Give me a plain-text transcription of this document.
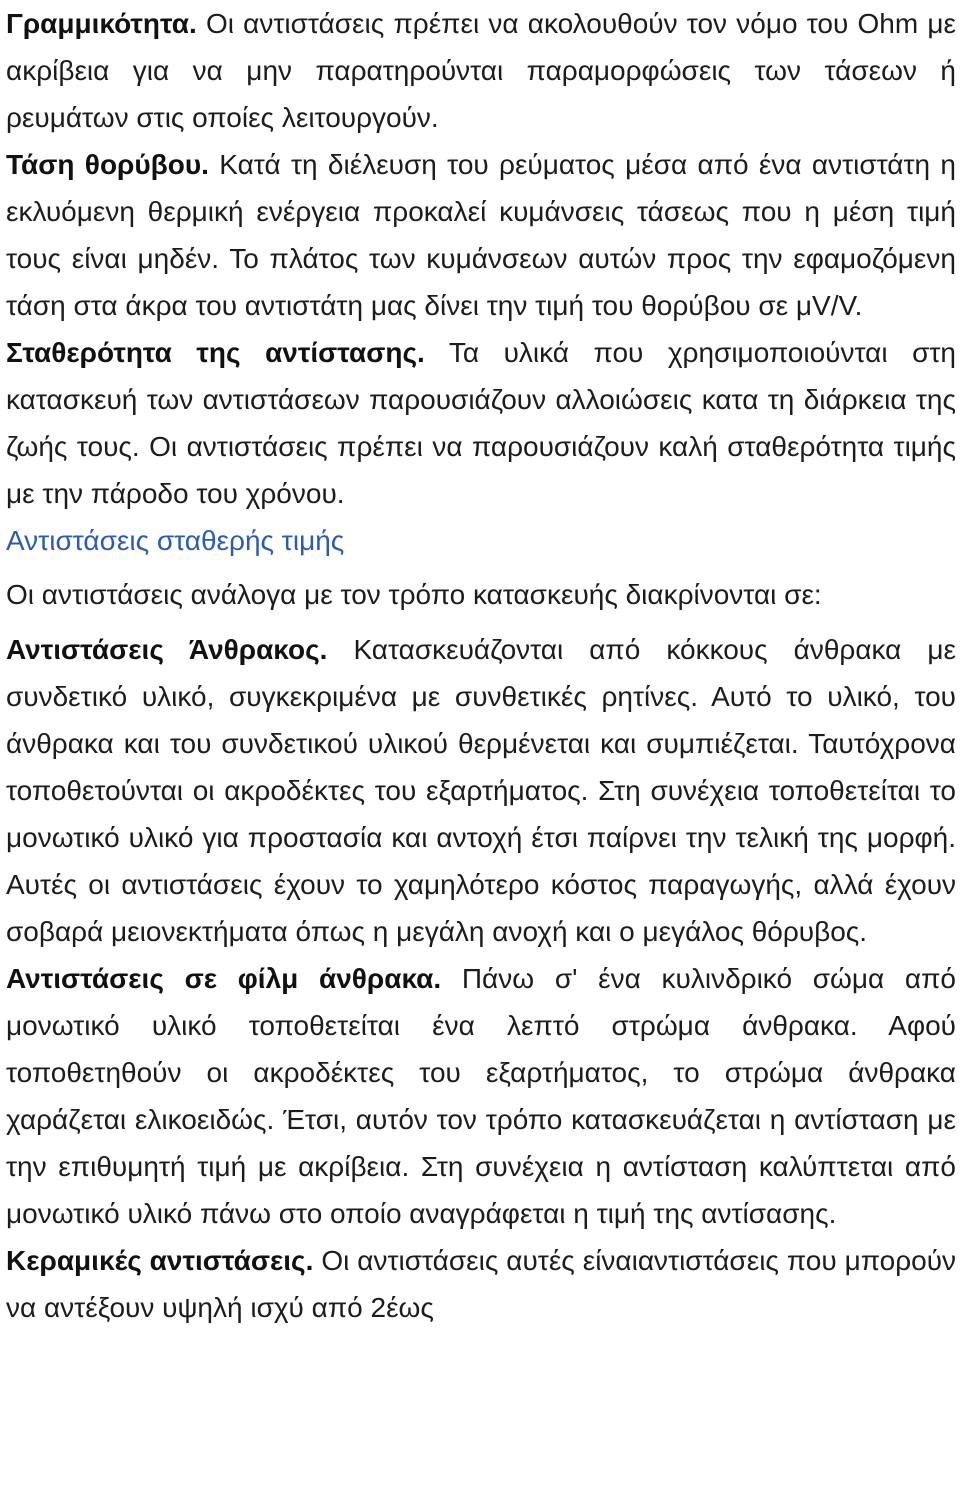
Γραμμικότητα. Οι αντιστάσεις πρέπει να ακολουθούν τον νόμο του Ohm με ακρίβεια για να μην παρατηρούνται παραμορφώσεις των τάσεων ή ρευμάτων στις οποίες λειτουργούν.

Τάση θορύβου. Κατά τη διέλευση του ρεύματος μέσα από ένα αντιστάτη η εκλυόμενη θερμική ενέργεια προκαλεί κυμάνσεις τάσεως που η μέση τιμή τους είναι μηδέν. Το πλάτος των κυμάνσεων αυτών προς την εφαμοζόμενη τάση στα άκρα του αντιστάτη μας δίνει την τιμή του θορύβου σε μV/V.

Σταθερότητα της αντίστασης. Τα υλικά που χρησιμοποιούνται στη κατασκευή των αντιστάσεων παρουσιάζουν αλλοιώσεις κατα τη διάρκεια της ζωής τους. Οι αντιστάσεις πρέπει να παρουσιάζουν καλή σταθερότητα τιμής με την πάροδο του χρόνου.

Αντιστάσεις σταθερής τιμής

Οι αντιστάσεις ανάλογα με τον τρόπο κατασκευής διακρίνονται σε:

Αντιστάσεις Άνθρακος. Κατασκευάζονται από κόκκους άνθρακα με συνδετικό υλικό, συγκεκριμένα με συνθετικές ρητίνες. Αυτό το υλικό, του άνθρακα και του συνδετικού υλικού θερμένεται και συμπιέζεται. Ταυτόχρονα τοποθετούνται οι ακροδέκτες του εξαρτήματος. Στη συνέχεια τοποθετείται το μονωτικό υλικό για προστασία και αντοχή έτσι παίρνει την τελική της μορφή. Αυτές οι αντιστάσεις έχουν το χαμηλότερο κόστος παραγωγής, αλλά έχουν σοβαρά μειονεκτήματα όπως η μεγάλη ανοχή και ο μεγάλος θόρυβος.

Αντιστάσεις σε φίλμ άνθρακα. Πάνω σ' ένα κυλινδρικό σώμα από μονωτικό υλικό τοποθετείται ένα λεπτό στρώμα άνθρακα. Αφού τοποθετηθούν οι ακροδέκτες του εξαρτήματος, το στρώμα άνθρακα χαράζεται ελικοειδώς. Έτσι, αυτόν τον τρόπο κατασκευάζεται η αντίσταση με την επιθυμητή τιμή με ακρίβεια. Στη συνέχεια η αντίσταση καλύπτεται από μονωτικό υλικό πάνω στο οποίο αναγράφεται η τιμή της αντίσασης.

Κεραμικές αντιστάσεις. Οι αντιστάσεις αυτές είναιαντιστάσεις που μπορούν να αντέξουν υψηλή ισχύ από 2έως
